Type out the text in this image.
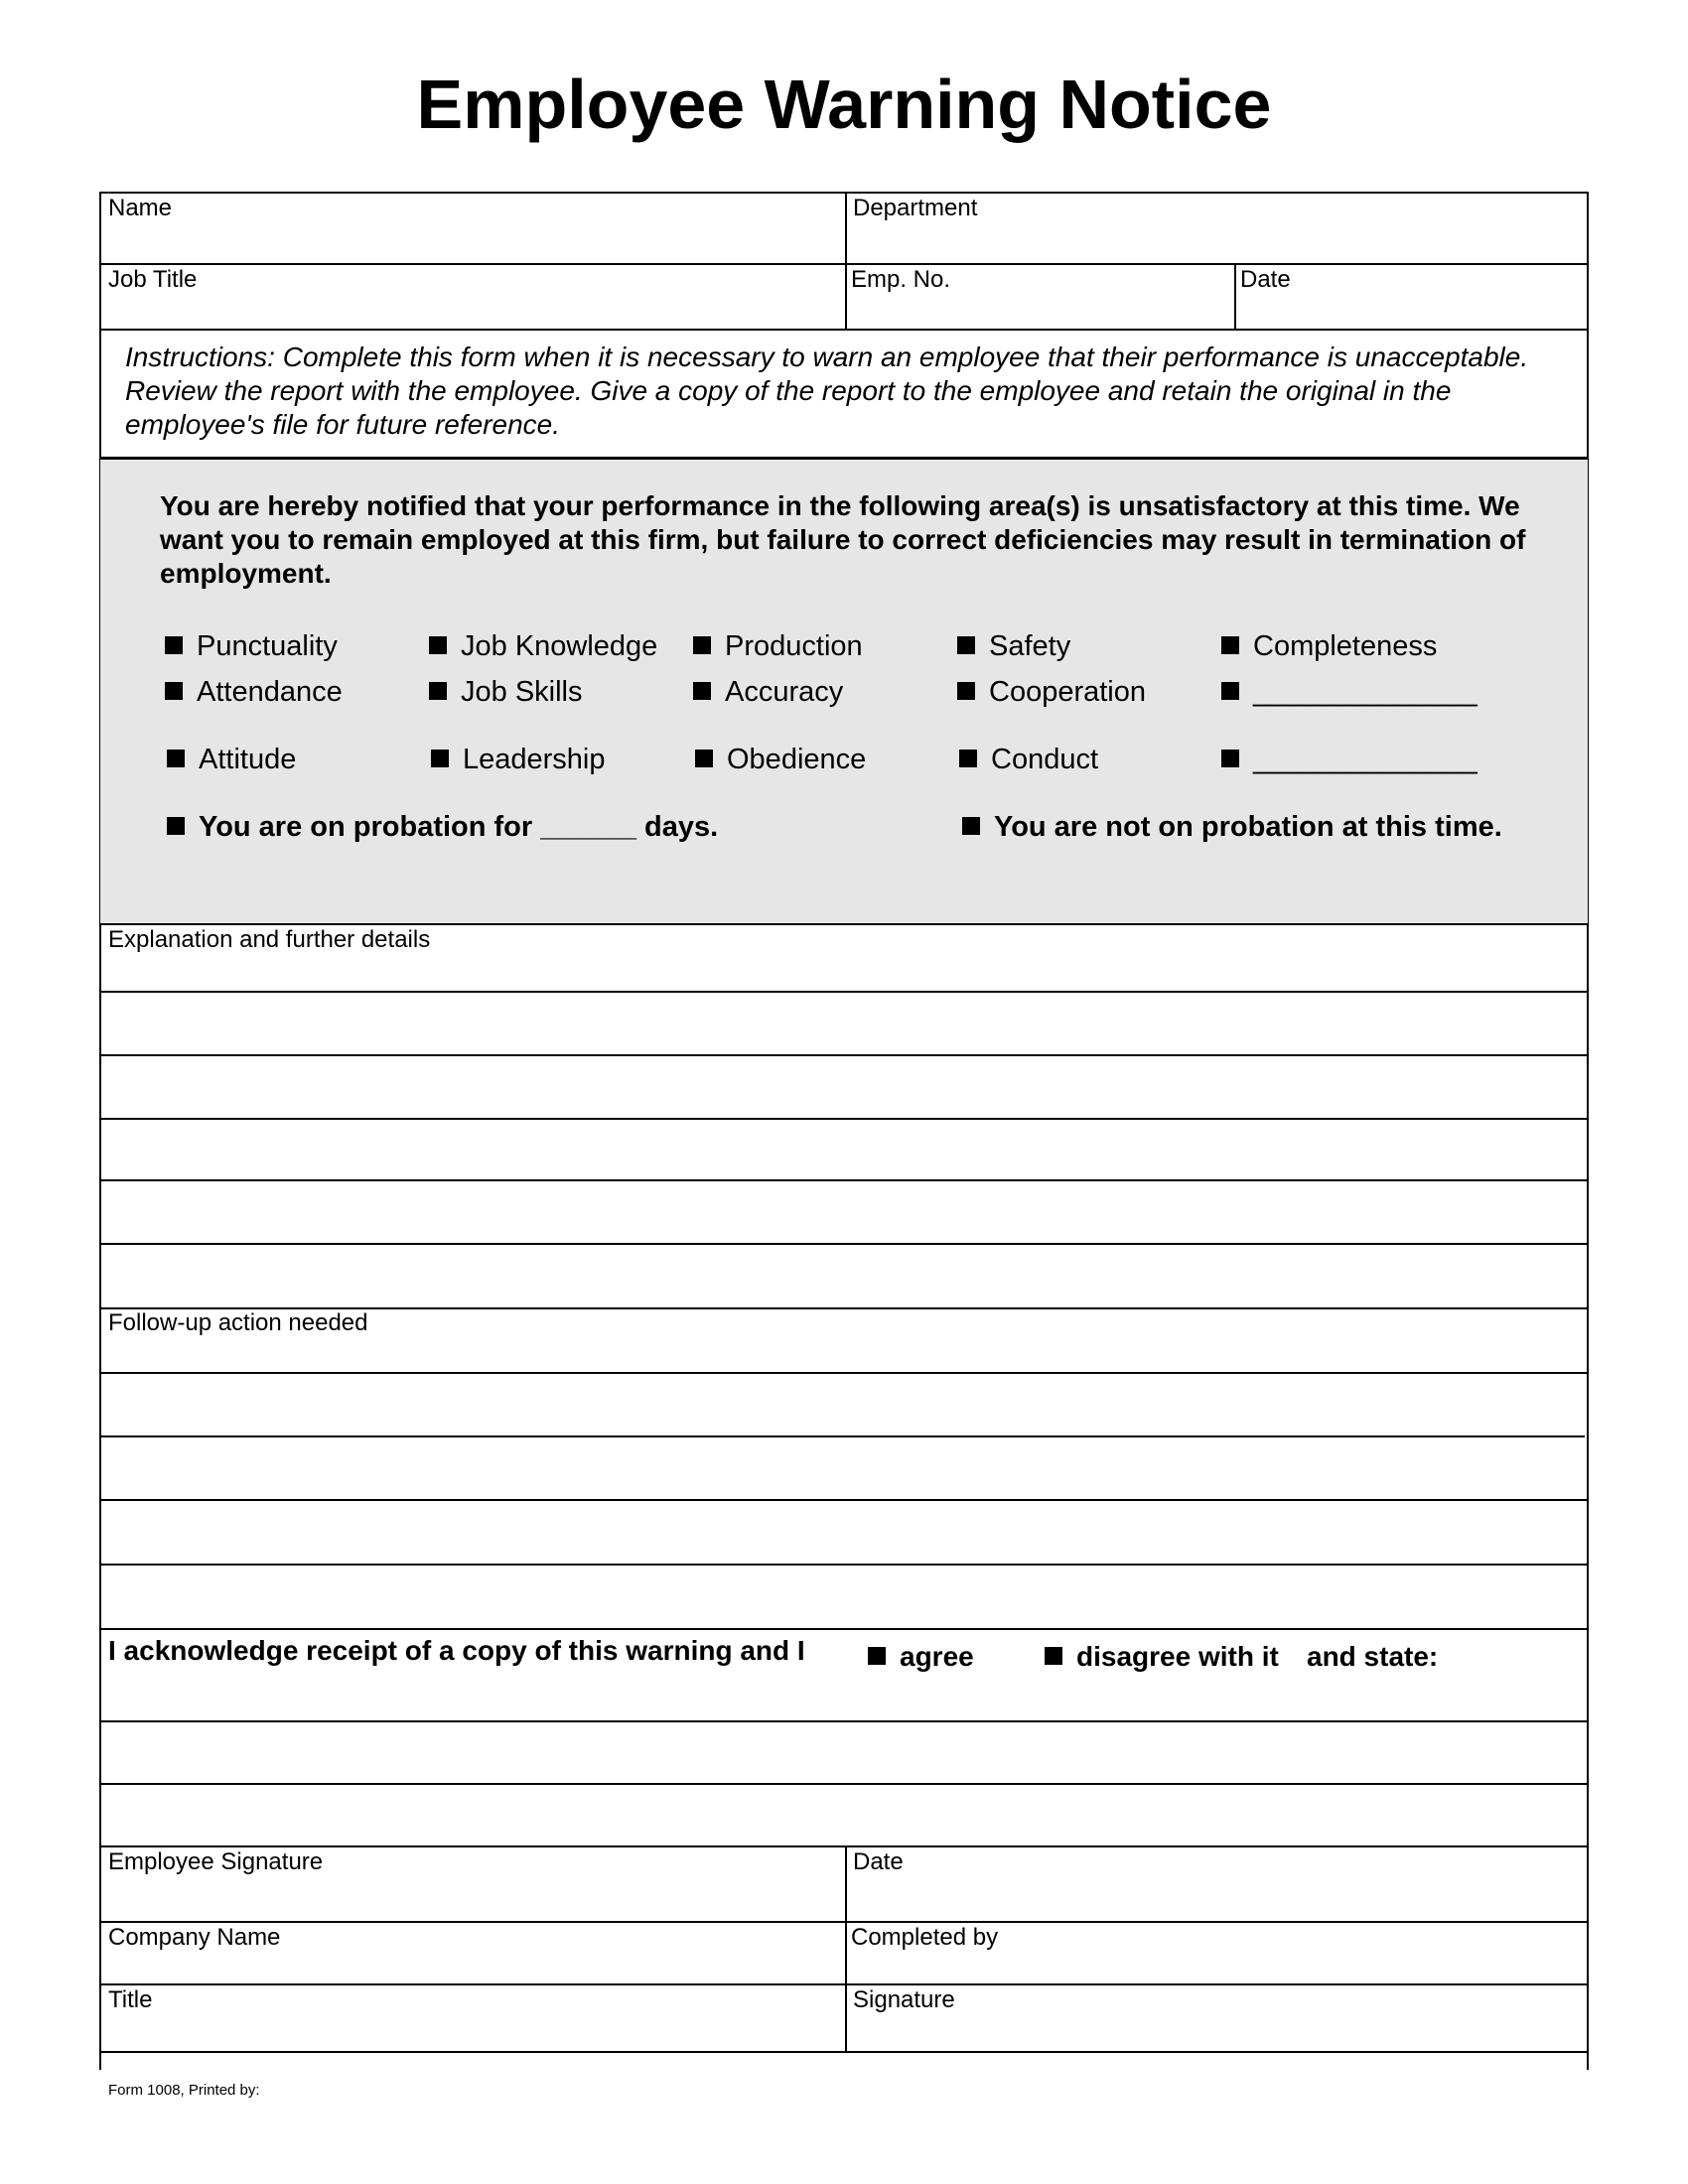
Employee Warning Notice
Name	Department
Job Title	Emp. No.	Date
Instructions: Complete this form when it is necessary to warn an employee that their performance is unacceptable. Review the report with the employee. Give a copy of the report to the employee and retain the original in the employee's file for future reference.
You are hereby notified that your performance in the following area(s) is unsatisfactory at this time. We want you to remain employed at this firm, but failure to correct deficiencies may result in termination of employment.
Punctuality	Job Knowledge	Production	Safety	Completeness
Attendance	Job Skills	Accuracy	Cooperation	______________
Attitude	Leadership	Obedience	Conduct	______________
You are on probation for ______ days.	You are not on probation at this time.
Explanation and further details
Follow-up action needed
I acknowledge receipt of a copy of this warning and I	agree	disagree with it and state:
Employee Signature	Date
Company Name	Completed by
Title	Signature
Form 1008, Printed by:
